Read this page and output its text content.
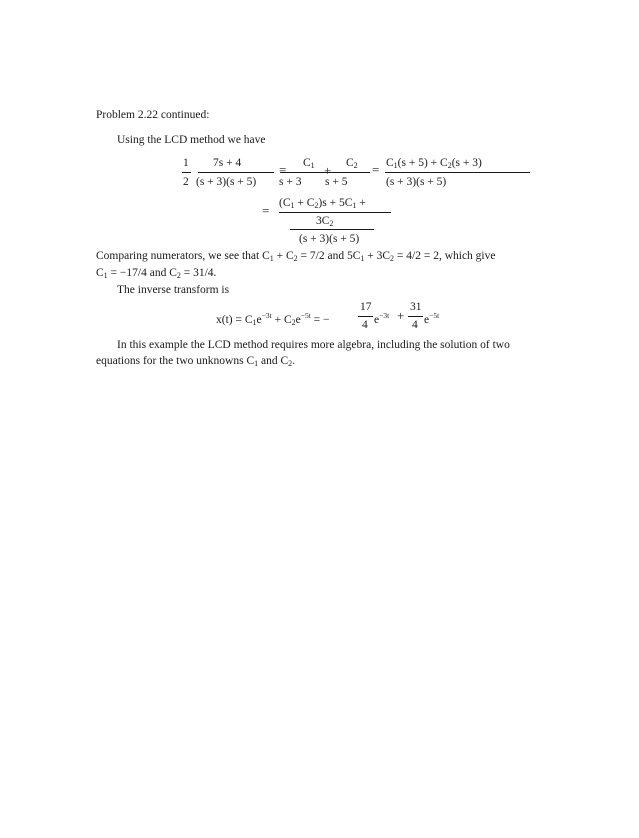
Problem 2.22 continued:
Using the LCD method we have
1
2
7s + 4
(s + 3)(s + 5)
= $C_1$
s + 3
+ $C_2$
s + 5
= $C_1(s + 5) + C_2(s + 3)$
(s + 3)(s + 5)
= $(C_1 + C_2)s + 5C_1$ +
$3C_2$
(s + 3)(s + 5)
Comparing numerators, we see that $C_1 + C_2 = 7/2$ and $5C_1 + 3C_2 = 4/2 = 2$, which give
$C_1 = -17/4$ and $C_2 = 31/4$.
The inverse transform is
$x(t) = C_1e^{-3t} + C_2e^{-5t}$ = −
17
4 $e^{-3t}$ +
31
4 $e^{-5t}$
In this example the LCD method requires more algebra, including the solution of two
equations for the two unknowns $C_1$ and $C_2$.
